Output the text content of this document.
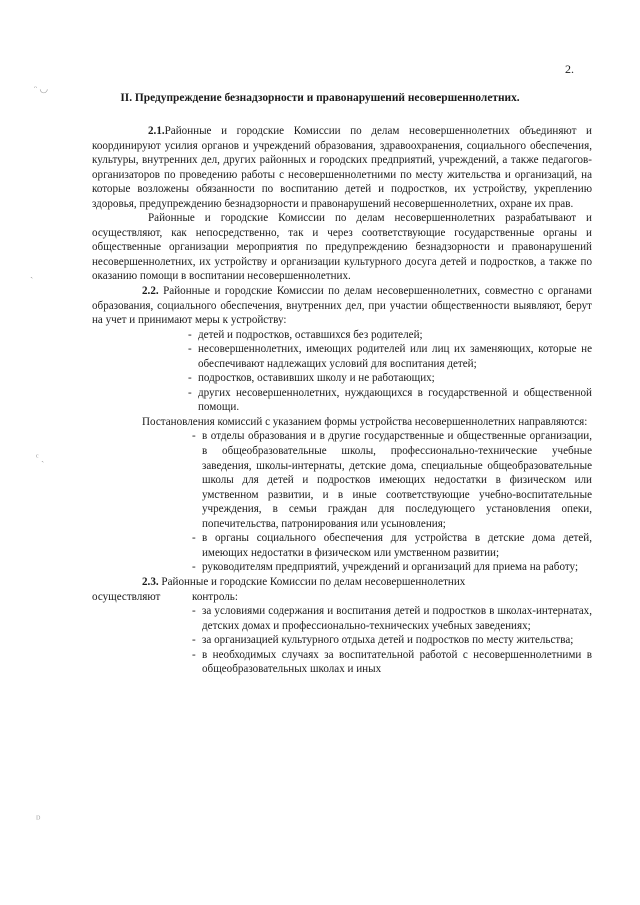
ᵔ ◡
ˎ
ᶜ ˏ
ᴰ
2.
II. Предупреждение безнадзорности и правонарушений несовершеннолетних.

2.1.Районные и городские Комиссии по делам несовершеннолетних объединяют и координируют усилия органов и учреждений образования, здравоохранения, социального обеспечения, культуры, внутренних дел, других районных и городских предприятий, учреждений, а также педагогов-организаторов по проведению работы с несовершеннолетними по месту жительства и организаций, на которые возложены обязанности по воспитанию детей и подростков, их устройству, укреплению здоровья, предупреждению безнадзорности и правонарушений несовершеннолетних, охране их прав.

Районные и городские Комиссии по делам несовершеннолетних разрабатывают и осуществляют, как непосредственно, так и через соответствующие государственные органы и общественные организации мероприятия по предупреждению безнадзорности и правонарушений несовершеннолетних, их устройству и организации культурного досуга детей и подростков, а также по оказанию помощи в воспитании несовершеннолетних.

2.2. Районные и городские Комиссии по делам несовершеннолетних, совместно с органами образования, социального обеспечения, внутренних дел, при участии общественности выявляют, берут на учет и принимают меры к устройству:

- детей и подростков, оставшихся без родителей;
- несовершеннолетних, имеющих родителей или лиц их заменяющих, которые не обеспечивают надлежащих условий для воспитания детей;
- подростков, оставивших школу и не работающих;
- других несовершеннолетних, нуждающихся в государственной и общественной помощи.

Постановления комиссий с указанием формы устройства несовершеннолетних направляются:

- в отделы образования и в другие государственные и общественные организации, в общеобразовательные школы, профессионально-технические учебные заведения, школы-интернаты, детские дома, специальные общеобразовательные школы для детей и подростков имеющих недостатки в физическом или умственном развитии, и в иные соответствующие учебно-воспитательные учреждения, в семьи граждан для последующего установления опеки, попечительства, патронирования или усыновления;
- в органы социального обеспечения для устройства в детские дома детей, имеющих недостатки в физическом или умственном развитии;
- руководителям предприятий, учреждений и организаций для приема на работу;

2.3. Районные и городские Комиссии по делам несовершеннолетних

осуществляют	контроль:
- за условиями содержания и воспитания детей и подростков в школах-интернатах, детских домах и профессионально-технических учебных заведениях;
- за организацией культурного отдыха детей и подростков по месту жительства;
- в необходимых случаях за воспитательной работой с несовершеннолетними в общеобразовательных школах и иных
